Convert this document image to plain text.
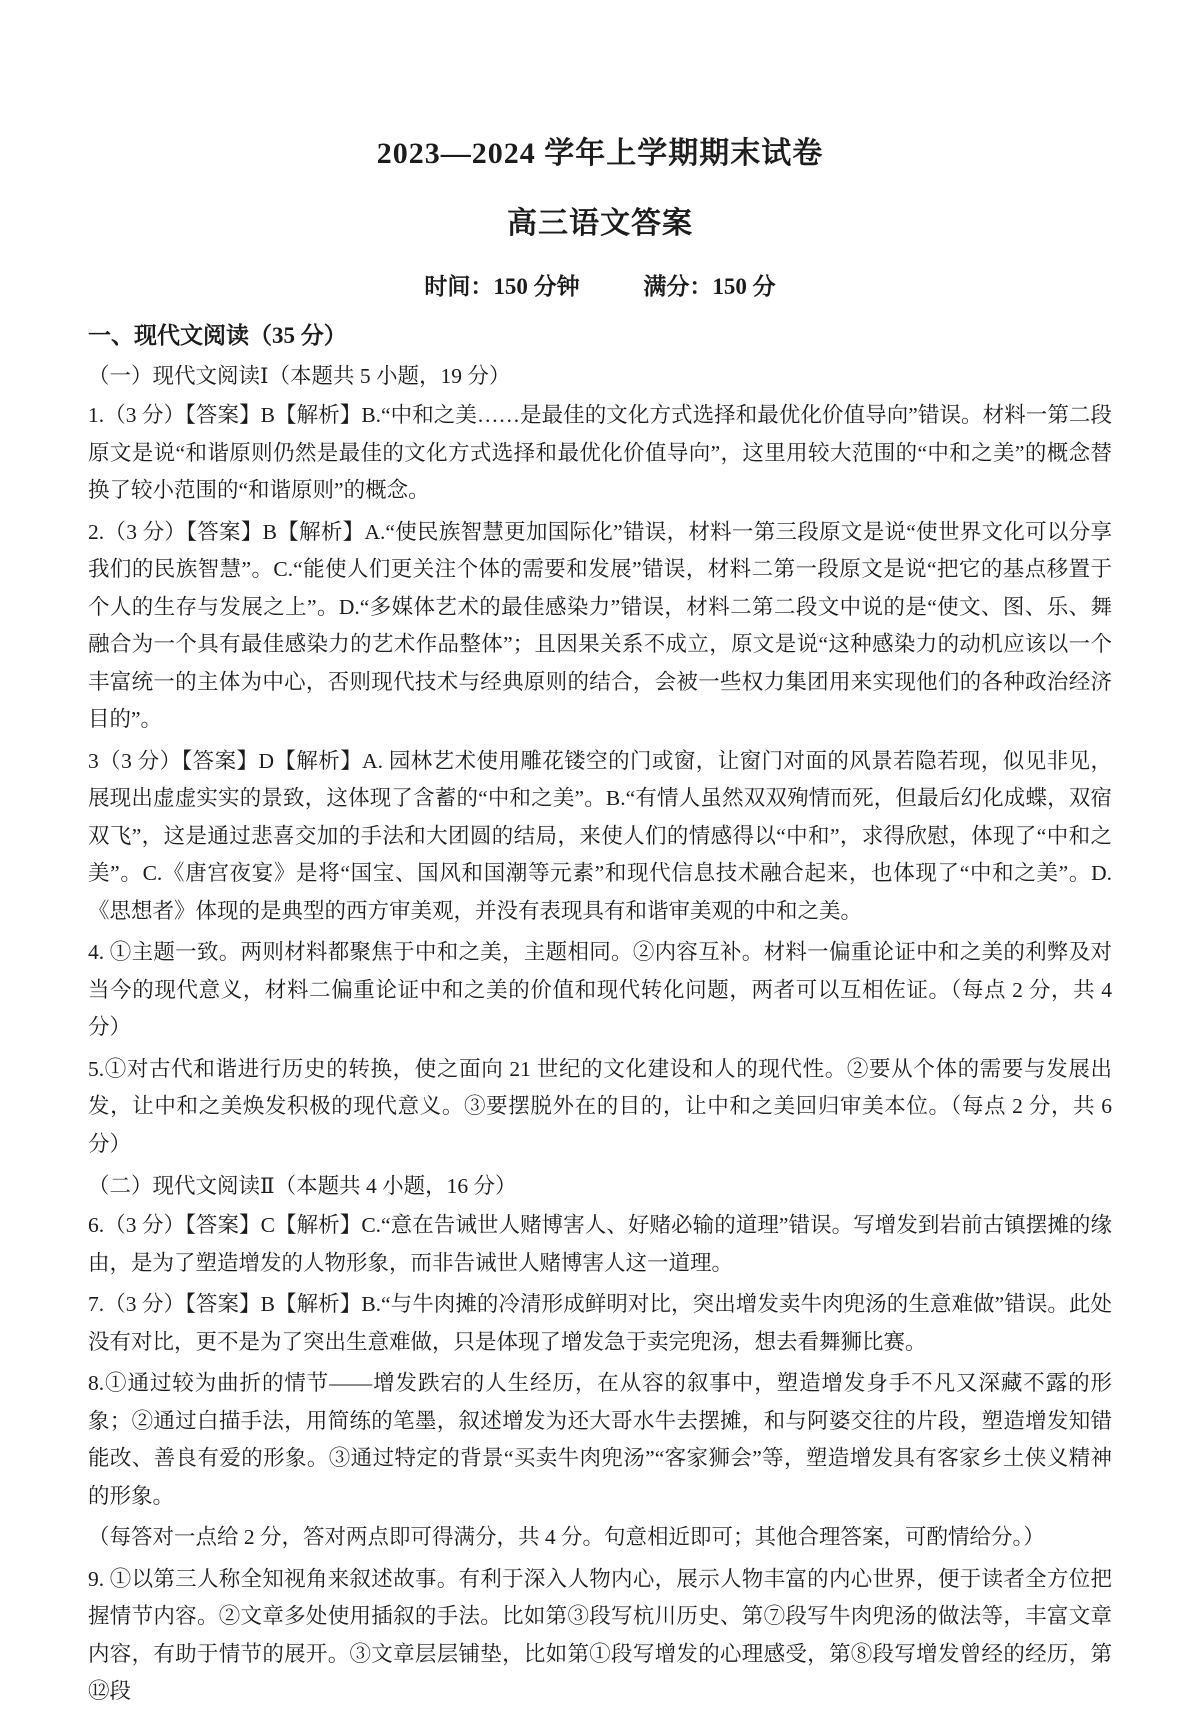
2023—2024 学年上学期期末试卷
高三语文答案
时间：150 分钟	满分：150 分
一、现代文阅读（35 分）
（一）现代文阅读Ⅰ（本题共 5 小题，19 分）

1.（3 分）【答案】B【解析】B.“中和之美……是最佳的文化方式选择和最优化价值导向”错误。材料一第二段原文是说“和谐原则仍然是最佳的文化方式选择和最优化价值导向”，这里用较大范围的“中和之美”的概念替换了较小范围的“和谐原则”的概念。

2.（3 分）【答案】B【解析】A.“使民族智慧更加国际化”错误，材料一第三段原文是说“使世界文化可以分享我们的民族智慧”。C.“能使人们更关注个体的需要和发展”错误，材料二第一段原文是说“把它的基点移置于个人的生存与发展之上”。D.“多媒体艺术的最佳感染力”错误，材料二第二段文中说的是“使文、图、乐、舞融合为一个具有最佳感染力的艺术作品整体”；且因果关系不成立，原文是说“这种感染力的动机应该以一个丰富统一的主体为中心，否则现代技术与经典原则的结合，会被一些权力集团用来实现他们的各种政治经济目的”。

3（3 分）【答案】D【解析】A. 园林艺术使用雕花镂空的门或窗，让窗门对面的风景若隐若现，似见非见，展现出虚虚实实的景致，这体现了含蓄的“中和之美”。B.“有情人虽然双双殉情而死，但最后幻化成蝶，双宿双飞”，这是通过悲喜交加的手法和大团圆的结局，来使人们的情感得以“中和”，求得欣慰，体现了“中和之美”。C.《唐宫夜宴》是将“国宝、国风和国潮等元素”和现代信息技术融合起来，也体现了“中和之美”。D.《思想者》体现的是典型的西方审美观，并没有表现具有和谐审美观的中和之美。

4. ①主题一致。两则材料都聚焦于中和之美，主题相同。②内容互补。材料一偏重论证中和之美的利弊及对当今的现代意义，材料二偏重论证中和之美的价值和现代转化问题，两者可以互相佐证。（每点 2 分，共 4 分）

5.①对古代和谐进行历史的转换，使之面向 21 世纪的文化建设和人的现代性。②要从个体的需要与发展出发，让中和之美焕发积极的现代意义。③要摆脱外在的目的，让中和之美回归审美本位。（每点 2 分，共 6 分）

（二）现代文阅读Ⅱ（本题共 4 小题，16 分）

6.（3 分）【答案】C【解析】C.“意在告诫世人赌博害人、好赌必输的道理”错误。写增发到岩前古镇摆摊的缘由，是为了塑造增发的人物形象，而非告诫世人赌博害人这一道理。

7.（3 分）【答案】B【解析】B.“与牛肉摊的冷清形成鲜明对比，突出增发卖牛肉兜汤的生意难做”错误。此处没有对比，更不是为了突出生意难做，只是体现了增发急于卖完兜汤，想去看舞狮比赛。

8.①通过较为曲折的情节——增发跌宕的人生经历，在从容的叙事中，塑造增发身手不凡又深藏不露的形象；②通过白描手法，用简练的笔墨，叙述增发为还大哥水牛去摆摊，和与阿婆交往的片段，塑造增发知错能改、善良有爱的形象。③通过特定的背景“买卖牛肉兜汤”“客家狮会”等，塑造增发具有客家乡土侠义精神的形象。

（每答对一点给 2 分，答对两点即可得满分，共 4 分。句意相近即可；其他合理答案，可酌情给分。）

9. ①以第三人称全知视角来叙述故事。有利于深入人物内心，展示人物丰富的内心世界，便于读者全方位把握情节内容。②文章多处使用插叙的手法。比如第③段写杭川历史、第⑦段写牛肉兜汤的做法等，丰富文章内容，有助于情节的展开。③文章层层铺垫，比如第①段写增发的心理感受，第⑧段写增发曾经的经历，第⑫段
